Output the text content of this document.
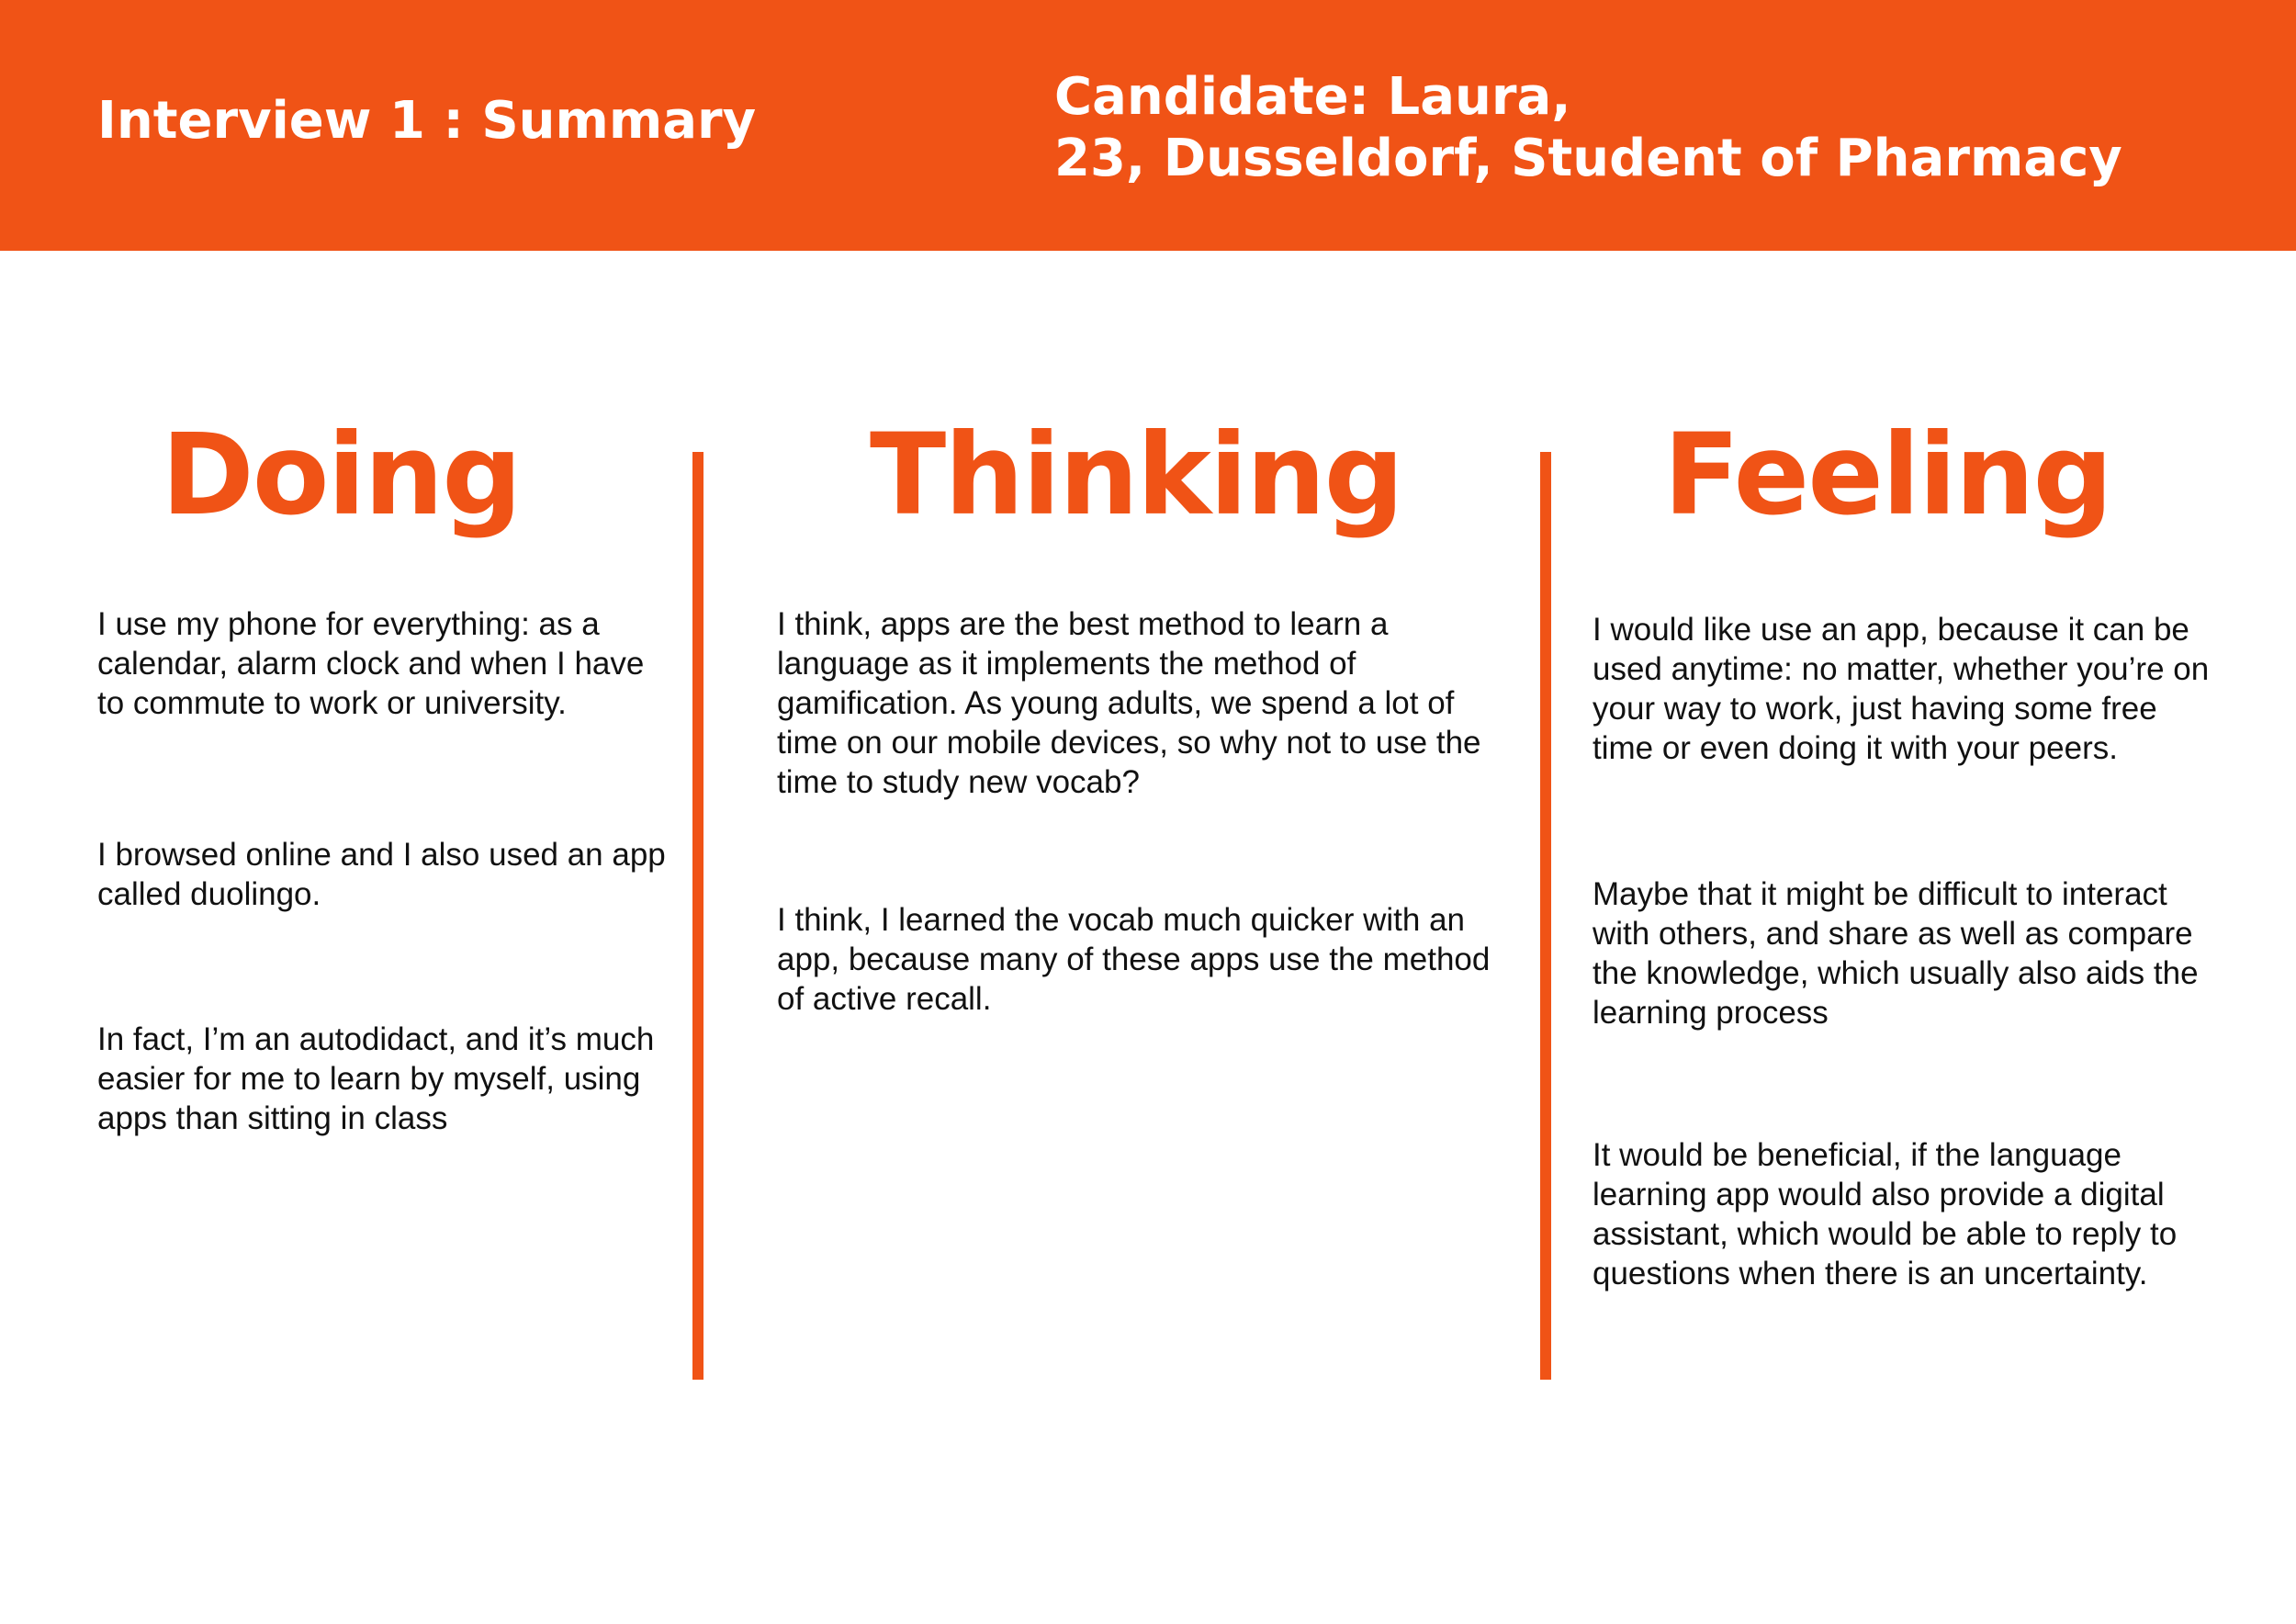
Interview 1 : Summary	Candidate: Laura,
23, Dusseldorf, Student of Pharmacy
Doing	Thinking	Feeling

I use my phone for everything: as a calendar, alarm clock and when I have to commute to work or university.

I browsed online and I also used an app called duolingo.

In fact, I’m an autodidact, and it’s much easier for me to learn by myself, using apps than sitting in class

I think, apps are the best method to learn a language as it implements the method of gamification. As young adults, we spend a lot of time on our mobile devices, so why not to use the time to study new vocab?

I think, I learned the vocab much quicker with an app, because many of these apps use the method of active recall.

I would like use an app, because it can be used anytime: no matter, whether you’re on your way to work, just having some free time or even doing it with your peers.

Maybe that it might be difficult to interact with others, and share as well as compare the knowledge, which usually also aids the learning process

It would be beneficial, if the language learning app would also provide a digital assistant, which would be able to reply to questions when there is an uncertainty.
